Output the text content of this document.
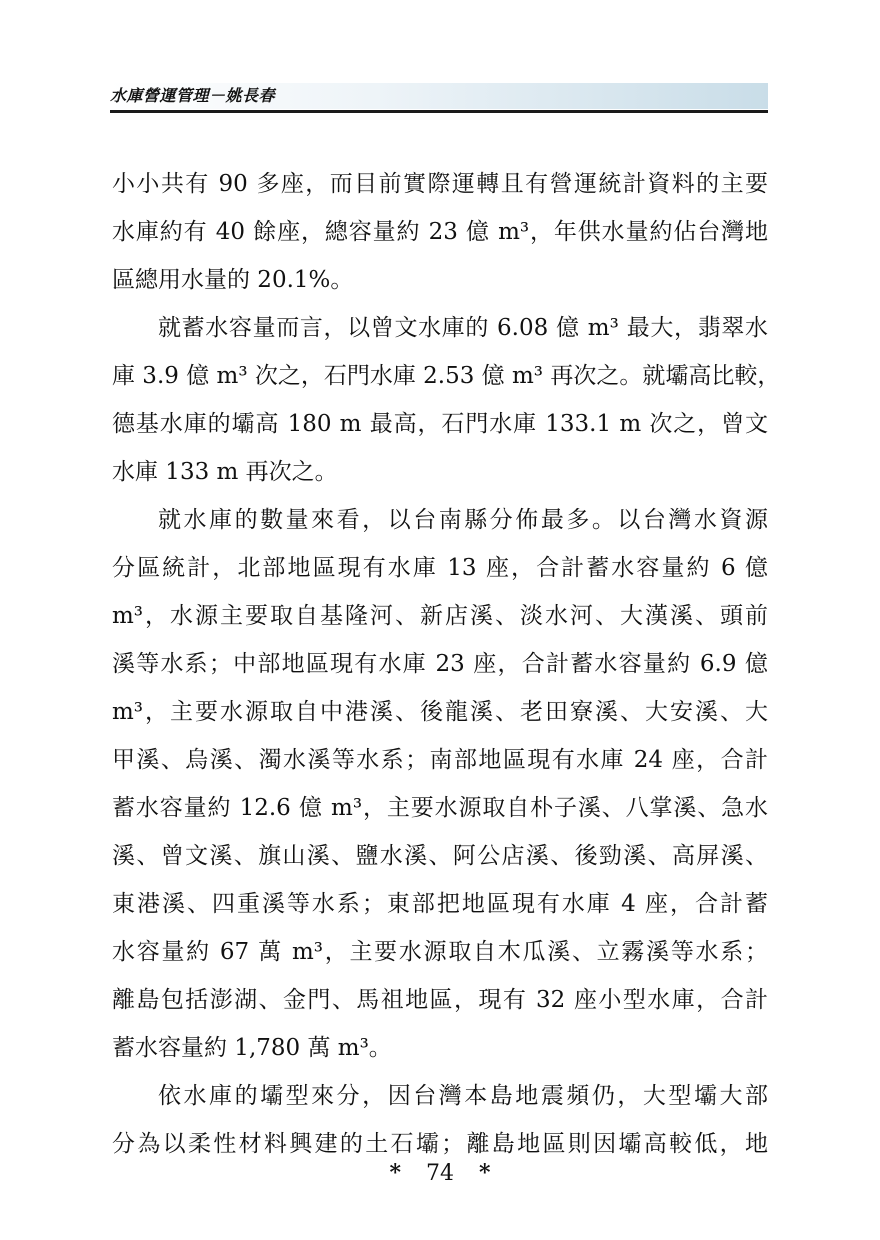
水庫營運管理－姚長春
小小共有 90 多座，而目前實際運轉且有營運統計資料的主要
水庫約有 40 餘座，總容量約 23 億 m³，年供水量約佔台灣地
區總用水量的 20.1%。
就蓄水容量而言，以曾文水庫的 6.08 億 m³ 最大，翡翠水
庫 3.9 億 m³ 次之，石門水庫 2.53 億 m³ 再次之。就壩高比較，
德基水庫的壩高 180 m 最高，石門水庫 133.1 m 次之，曾文
水庫 133 m 再次之。
就水庫的數量來看，以台南縣分佈最多。以台灣水資源
分區統計，北部地區現有水庫 13 座，合計蓄水容量約 6 億
m³，水源主要取自基隆河、新店溪、淡水河、大漢溪、頭前
溪等水系；中部地區現有水庫 23 座，合計蓄水容量約 6.9 億
m³，主要水源取自中港溪、後龍溪、老田寮溪、大安溪、大
甲溪、烏溪、濁水溪等水系；南部地區現有水庫 24 座，合計
蓄水容量約 12.6 億 m³，主要水源取自朴子溪、八掌溪、急水
溪、曾文溪、旗山溪、鹽水溪、阿公店溪、後勁溪、高屏溪、
東港溪、四重溪等水系；東部把地區現有水庫 4 座，合計蓄
水容量約 67 萬 m³，主要水源取自木瓜溪、立霧溪等水系；
離島包括澎湖、金門、馬祖地區，現有 32 座小型水庫，合計
蓄水容量約 1,780 萬 m³。
依水庫的壩型來分，因台灣本島地震頻仍，大型壩大部
分為以柔性材料興建的土石壩；離島地區則因壩高較低，地
* 74 *
